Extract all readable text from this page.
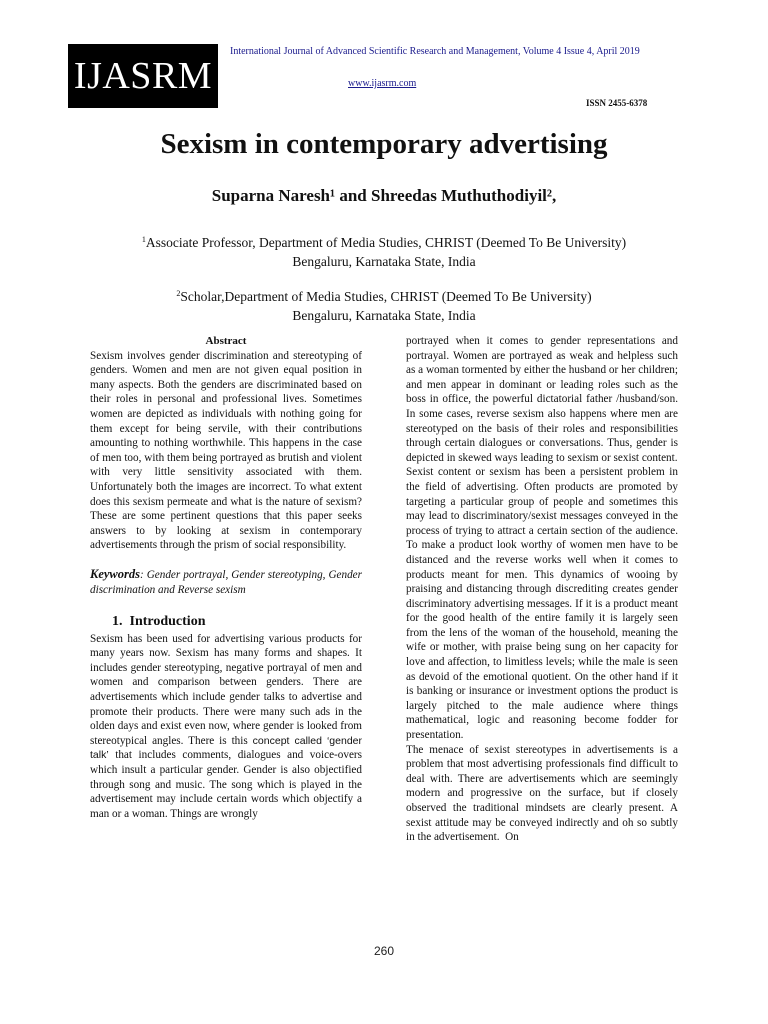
IJASRM
International Journal of Advanced Scientific Research and Management, Volume 4 Issue 4, April 2019
www.ijasrm.com
ISSN 2455-6378
Sexism in contemporary advertising
Suparna Naresh¹ and Shreedas Muthuthodiyil²,
$^1$Associate Professor, Department of Media Studies, CHRIST (Deemed To Be University)
Bengaluru, Karnataka State, India
$^2$Scholar,Department of Media Studies, CHRIST (Deemed To Be University)
Bengaluru, Karnataka State, India

Abstract

Sexism involves gender discrimination and stereotyping of genders. Women and men are not given equal position in many aspects. Both the genders are discriminated based on their roles in personal and professional lives. Sometimes women are depicted as individuals with nothing going for them except for being servile, with their contributions amounting to nothing worthwhile. This happens in the case of men too, with them being portrayed as brutish and violent with very little sensitivity associated with them. Unfortunately both the images are incorrect. To what extent does this sexism permeate and what is the nature of sexism? These are some pertinent questions that this paper seeks answers to by looking at sexism in contemporary advertisements through the prism of social responsibility.

Keywords: Gender portrayal, Gender stereotyping, Gender discrimination and Reverse sexism

1. Introduction

Sexism has been used for advertising various products for many years now. Sexism has many forms and shapes. It includes gender stereotyping, negative portrayal of men and women and comparison between genders. There are advertisements which include gender talks to advertise and promote their products. There were many such ads in the olden days and exist even now, where gender is looked from stereotypical angles. There is this concept called ‘gender talk’ that includes comments, dialogues and voice-overs which insult a particular gender. Gender is also objectified through song and music. The song which is played in the advertisement may include certain words which objectify a man or a woman. Things are wrongly

portrayed when it comes to gender representations and portrayal. Women are portrayed as weak and helpless such as a woman tormented by either the husband or her children; and men appear in dominant or leading roles such as the boss in office, the powerful dictatorial father /husband/son. In some cases, reverse sexism also happens where men are stereotyped on the basis of their roles and responsibilities through certain dialogues or conversations. Thus, gender is depicted in skewed ways leading to sexism or sexist content.

Sexist content or sexism has been a persistent problem in the field of advertising. Often products are promoted by targeting a particular group of people and sometimes this may lead to discriminatory/sexist messages conveyed in the process of trying to attract a certain section of the audience. To make a product look worthy of women men have to be distanced and the reverse works well when it comes to products meant for men. This dynamics of wooing by praising and distancing through discrediting creates gender discriminatory advertising messages. If it is a product meant for the good health of the entire family it is largely seen from the lens of the woman of the household, meaning the wife or mother, with praise being sung on her capacity for love and affection, to limitless levels; while the male is seen as devoid of the emotional quotient. On the other hand if it is banking or insurance or investment options the product is largely pitched to the male audience where things mathematical, logic and reasoning become fodder for presentation.

The menace of sexist stereotypes in advertisements is a problem that most advertising professionals find difficult to deal with. There are advertisements which are seemingly modern and progressive on the surface, but if closely observed the traditional mindsets are clearly present. A sexist attitude may be conveyed indirectly and oh so subtly in the advertisement. On

260
